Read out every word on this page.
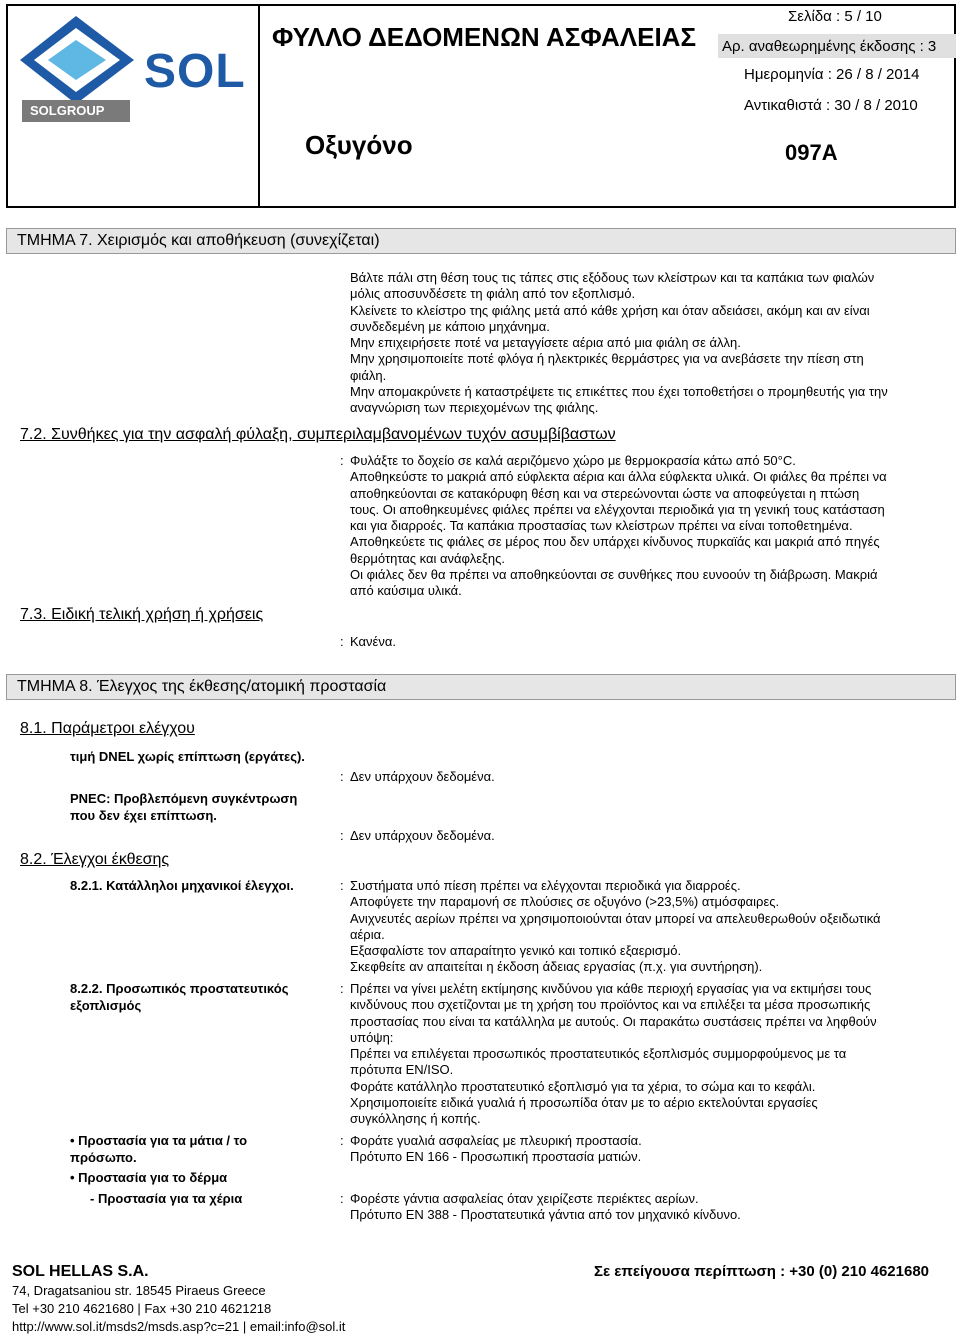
SOL
SOLGROUP
ΦΥΛΛΟ ΔΕΔΟΜΕΝΩΝ ΑΣΦΑΛΕΙΑΣ
Σελίδα : 5 / 10
Αρ. αναθεωρημένης έκδοσης : 3
Ημερομηνία : 26 / 8 / 2014
Αντικαθιστά : 30 / 8 / 2010
Οξυγόνο	097A
ΤΜΗΜΑ 7. Χειρισμός και αποθήκευση (συνεχίζεται)
Βάλτε πάλι στη θέση τους τις τάπες στις εξόδους των κλείστρων και τα καπάκια των φιαλών
μόλις αποσυνδέσετε τη φιάλη από τον εξοπλισμό.
Κλείνετε το κλείστρο της φιάλης μετά από κάθε χρήση και όταν αδειάσει, ακόμη και αν είναι
συνδεδεμένη με κάποιο μηχάνημα.
Μην επιχειρήσετε ποτέ να μεταγγίσετε αέρια από μια φιάλη σε άλλη.
Μην χρησιμοποιείτε ποτέ φλόγα ή ηλεκτρικές θερμάστρες για να ανεβάσετε την πίεση στη
φιάλη.
Μην απομακρύνετε ή καταστρέψετε τις επικέττες που έχει τοποθετήσει ο προμηθευτής για την
αναγνώριση των περιεχομένων της φιάλης.
7.2. Συνθήκες για την ασφαλή φύλαξη, συμπεριλαμβανομένων τυχόν ασυμβίβαστων
: Φυλάξτε το δοχείο σε καλά αεριζόμενο χώρο με θερμοκρασία κάτω από 50°C.
Αποθηκεύστε το μακριά από εύφλεκτα αέρια και άλλα εύφλεκτα υλικά. Οι φιάλες θα πρέπει να
αποθηκεύονται σε κατακόρυφη θέση και να στερεώνονται ώστε να αποφεύγεται η πτώση
τους. Οι αποθηκευμένες φιάλες πρέπει να ελέγχονται περιοδικά για τη γενική τους κατάσταση
και για διαρροές. Τα καπάκια προστασίας των κλείστρων πρέπει να είναι τοποθετημένα.
Αποθηκεύετε τις φιάλες σε μέρος που δεν υπάρχει κίνδυνος πυρκαϊάς και μακριά από πηγές
θερμότητας και ανάφλεξης.
Οι φιάλες δεν θα πρέπει να αποθηκεύονται σε συνθήκες που ευνοούν τη διάβρωση. Μακριά
από καύσιμα υλικά.
7.3. Ειδική τελική χρήση ή χρήσεις
: Κανένα.
ΤΜΗΜΑ 8. Έλεγχος της έκθεσης/ατομική προστασία
8.1. Παράμετροι ελέγχου
τιμή DNEL χωρίς επίπτωση (εργάτες).
: Δεν υπάρχουν δεδομένα.
PNEC: Προβλεπόμενη συγκέντρωση
που δεν έχει επίπτωση.
: Δεν υπάρχουν δεδομένα.
8.2. Έλεγχοι έκθεσης
8.2.1. Κατάλληλοι μηχανικοί έλεγχοι.	: Συστήματα υπό πίεση πρέπει να ελέγχονται περιοδικά για διαρροές.
Αποφύγετε την παραμονή σε πλούσιες σε οξυγόνο (>23,5%) ατμόσφαιρες.
Ανιχνευτές αερίων πρέπει να χρησιμοποιούνται όταν μπορεί να απελευθερωθούν οξειδωτικά
αέρια.
Εξασφαλίστε τον απαραίτητο γενικό και τοπικό εξαερισμό.
Σκεφθείτε αν απαιτείται η έκδοση άδειας εργασίας (π.χ. για συντήρηση).
8.2.2. Προσωπικός προστατευτικός
εξοπλισμός
: Πρέπει να γίνει μελέτη εκτίμησης κινδύνου για κάθε περιοχή εργασίας για να εκτιμήσει τους
κινδύνους που σχετίζονται με τη χρήση του προϊόντος και να επιλέξει τα μέσα προσωπικής
προστασίας που είναι τα κατάλληλα με αυτούς. Οι παρακάτω συστάσεις πρέπει να ληφθούν
υπόψη:
Πρέπει να επιλέγεται προσωπικός προστατευτικός εξοπλισμός συμμορφούμενος με τα
πρότυπα EN/ISO.
Φοράτε κατάλληλο προστατευτικό εξοπλισμό για τα χέρια, το σώμα και το κεφάλι.
Χρησιμοποιείτε ειδικά γυαλιά ή προσωπίδα όταν με το αέριο εκτελούνται εργασίες
συγκόλλησης ή κοπής.
• Προστασία για τα μάτια / το
πρόσωπο.
: Φοράτε γυαλιά ασφαλείας με πλευρική προστασία.
Πρότυπο EN 166 - Προσωπική προστασία ματιών.
• Προστασία για το δέρμα
- Προστασία για τα χέρια	: Φορέστε γάντια ασφαλείας όταν χειρίζεστε περιέκτες αερίων.
Πρότυπο EN 388 - Προστατευτικά γάντια από τον μηχανικό κίνδυνο.
SOL HELLAS S.A.
74, Dragatsaniou str. 18545 Piraeus Greece
Tel +30 210 4621680 | Fax +30 210 4621218
http://www.sol.it/msds2/msds.asp?c=21 | email:info@sol.it
Σε επείγουσα περίπτωση : +30 (0) 210 4621680
